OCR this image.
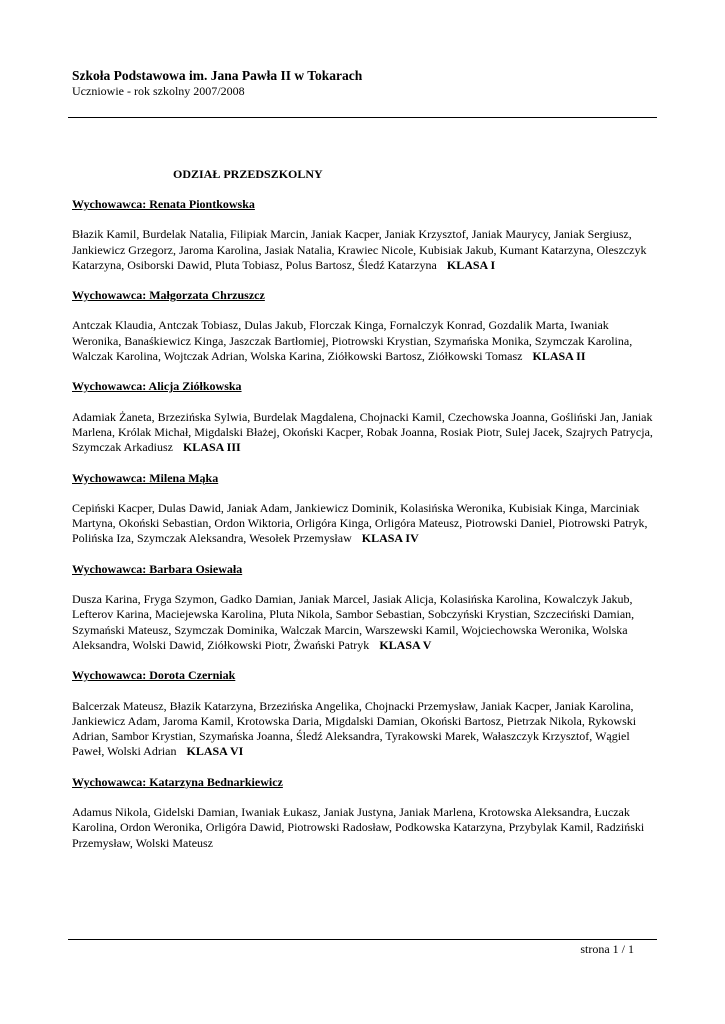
Szkoła Podstawowa im. Jana Pawła II w Tokarach
Uczniowie - rok szkolny 2007/2008
ODZIAŁ PRZEDSZKOLNY
Wychowawca: Renata Piontkowska

Błazik Kamil, Burdelak Natalia, Filipiak Marcin, Janiak Kacper, Janiak Krzysztof, Janiak Maurycy, Janiak Sergiusz, Jankiewicz Grzegorz, Jaroma Karolina, Jasiak Natalia, Krawiec Nicole, Kubisiak Jakub, Kumant Katarzyna, Oleszczyk Katarzyna, Osiborski Dawid, Pluta Tobiasz, Polus Bartosz, Śledź Katarzyna KLASA I

Wychowawca: Małgorzata Chrzuszcz

Antczak Klaudia, Antczak Tobiasz, Dulas Jakub, Florczak Kinga, Fornalczyk Konrad, Gozdalik Marta, Iwaniak Weronika, Banaśkiewicz Kinga, Jaszczak Bartłomiej, Piotrowski Krystian, Szymańska Monika, Szymczak Karolina, Walczak Karolina, Wojtczak Adrian, Wolska Karina, Ziółkowski Bartosz, Ziółkowski Tomasz KLASA II

Wychowawca: Alicja Ziółkowska

Adamiak Żaneta, Brzezińska Sylwia, Burdelak Magdalena, Chojnacki Kamil, Czechowska Joanna, Gośliński Jan, Janiak Marlena, Królak Michał, Migdalski Błażej, Okoński Kacper, Robak Joanna, Rosiak Piotr, Sulej Jacek, Szajrych Patrycja, Szymczak Arkadiusz KLASA III

Wychowawca: Milena Mąka

Cepiński Kacper, Dulas Dawid, Janiak Adam, Jankiewicz Dominik, Kolasińska Weronika, Kubisiak Kinga, Marciniak Martyna, Okoński Sebastian, Ordon Wiktoria, Orligóra Kinga, Orligóra Mateusz, Piotrowski Daniel, Piotrowski Patryk, Polińska Iza, Szymczak Aleksandra, Wesołek Przemysław KLASA IV

Wychowawca: Barbara Osiewała

Dusza Karina, Fryga Szymon, Gadko Damian, Janiak Marcel, Jasiak Alicja, Kolasińska Karolina, Kowalczyk Jakub, Lefterov Karina, Maciejewska Karolina, Pluta Nikola, Sambor Sebastian, Sobczyński Krystian, Szczeciński Damian, Szymański Mateusz, Szymczak Dominika, Walczak Marcin, Warszewski Kamil, Wojciechowska Weronika, Wolska Aleksandra, Wolski Dawid, Ziółkowski Piotr, Żwański Patryk KLASA V

Wychowawca: Dorota Czerniak

Balcerzak Mateusz, Błazik Katarzyna, Brzezińska Angelika, Chojnacki Przemysław, Janiak Kacper, Janiak Karolina, Jankiewicz Adam, Jaroma Kamil, Krotowska Daria, Migdalski Damian, Okoński Bartosz, Pietrzak Nikola, Rykowski Adrian, Sambor Krystian, Szymańska Joanna, Śledź Aleksandra, Tyrakowski Marek, Wałaszczyk Krzysztof, Wągiel Paweł, Wolski Adrian KLASA VI

Wychowawca: Katarzyna Bednarkiewicz

Adamus Nikola, Gidelski Damian, Iwaniak Łukasz, Janiak Justyna, Janiak Marlena, Krotowska Aleksandra, Łuczak Karolina, Ordon Weronika, Orligóra Dawid, Piotrowski Radosław, Podkowska Katarzyna, Przybylak Kamil, Radziński Przemysław, Wolski Mateusz

strona 1 / 1
